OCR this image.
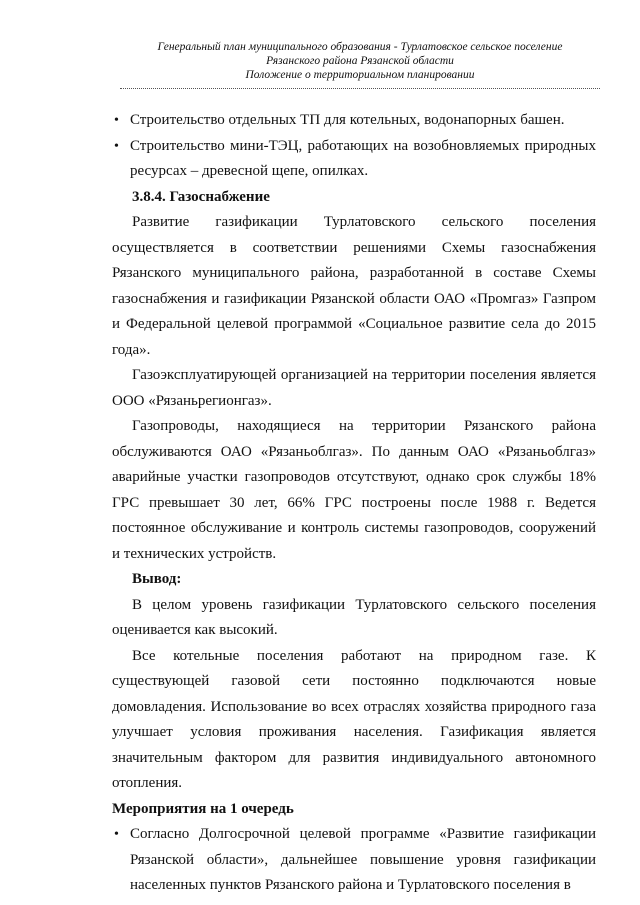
Генеральный план муниципального образования - Турлатовское сельское поселение
Рязанского района Рязанской области
Положение о территориальном планировании

• Строительство отдельных ТП для котельных, водонапорных башен.

• Строительство мини-ТЭЦ, работающих на возобновляемых природных ресурсах – древесной щепе, опилках.

3.8.4. Газоснабжение

Развитие газификации Турлатовского сельского поселения осуществляется в соответствии решениями Схемы газоснабжения Рязанского муниципального района, разработанной в составе Схемы газоснабжения и газификации Рязанской области ОАО «Промгаз» Газпром и Федеральной целевой программой «Социальное развитие села до 2015 года».

Газоэксплуатирующей организацией на территории поселения является ООО «Рязаньрегионгаз».

Газопроводы, находящиеся на территории Рязанского района обслуживаются ОАО «Рязаньоблгаз». По данным ОАО «Рязаньоблгаз» аварийные участки газопроводов отсутствуют, однако срок службы 18% ГРС превышает 30 лет, 66% ГРС построены после 1988 г. Ведется постоянное обслуживание и контроль системы газопроводов, сооружений и технических устройств.

Вывод:

В целом уровень газификации Турлатовского сельского поселения оценивается как высокий.

Все котельные поселения работают на природном газе. К существующей газовой сети постоянно подключаются новые домовладения. Использование во всех отраслях хозяйства природного газа улучшает условия проживания населения. Газификация является значительным фактором для развития индивидуального автономного отопления.

Мероприятия на 1 очередь

• Согласно Долгосрочной целевой программе «Развитие газификации Рязанской области», дальнейшее повышение уровня газификации населенных пунктов Рязанского района и Турлатовского поселения в
